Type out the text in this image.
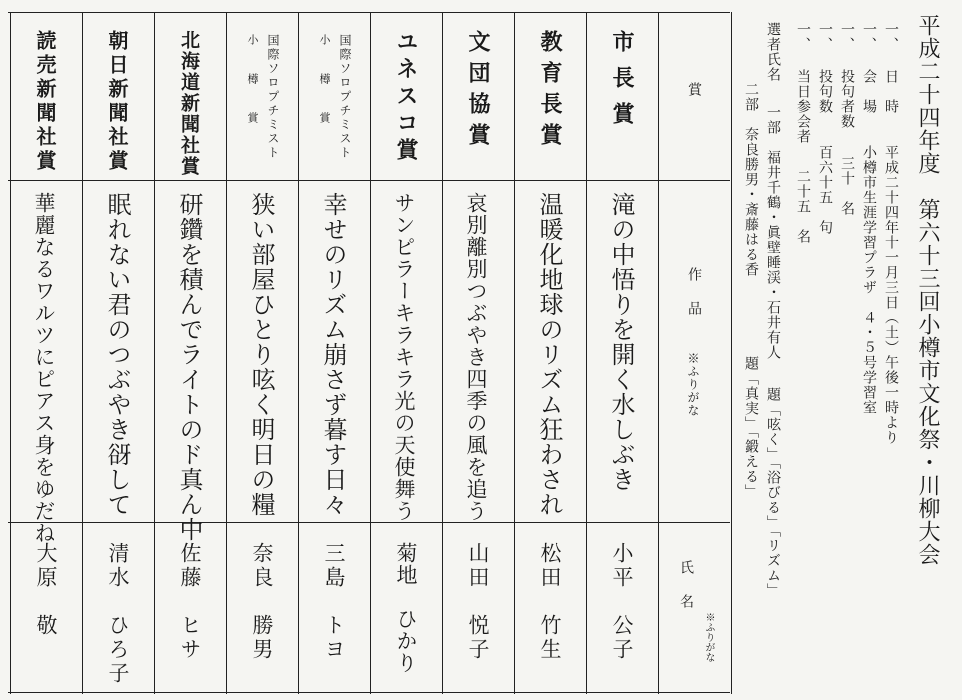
平成二十四年度　第六十三回小樽市文化祭・川柳大会
一、 日　時 平成二十四年十一月三日（土）午後一時より
一、 会　場 小樽市生涯学習プラザ　４・５号学習室
一、 投句者数 三十　名
一、 投句数 百六十五　句
一、 当日参会者 二十五　名
選者氏名 一部　福井千鶴・眞壁睡渓・石井有人 題「呟く」「浴びる」「リズム」
二部　奈良勝男・斎藤はる香 題「真実」「鍛える」
賞
作　品
※ふりがな
氏　名
※ふりがな
市長賞
滝の中悟りを開く水しぶき
小平　公子
教育長賞
温暖化地球のリズム狂わされ
松田　竹生
文団協賞
哀別離別つぶやき四季の風を追う
山田　悦子
ユネスコ賞
サンピラーキラキラ光の天使舞う
菊地　ひかり
国際ソロプチミスト
小　　樽　　賞
幸せのリズム崩さず暮す日々
三島　トヨ
国際ソロプチミスト
小　　樽　　賞
狭い部屋ひとり呟く明日の糧
奈良　勝男
北海道新聞社賞
研鑽を積んでライトのド真ん中
佐藤　ヒサ
朝日新聞社賞
眠れない君のつぶやき谺して
清水　ひろ子
読売新聞社賞
華麗なるワルツにピアス身をゆだね
大原　敬
